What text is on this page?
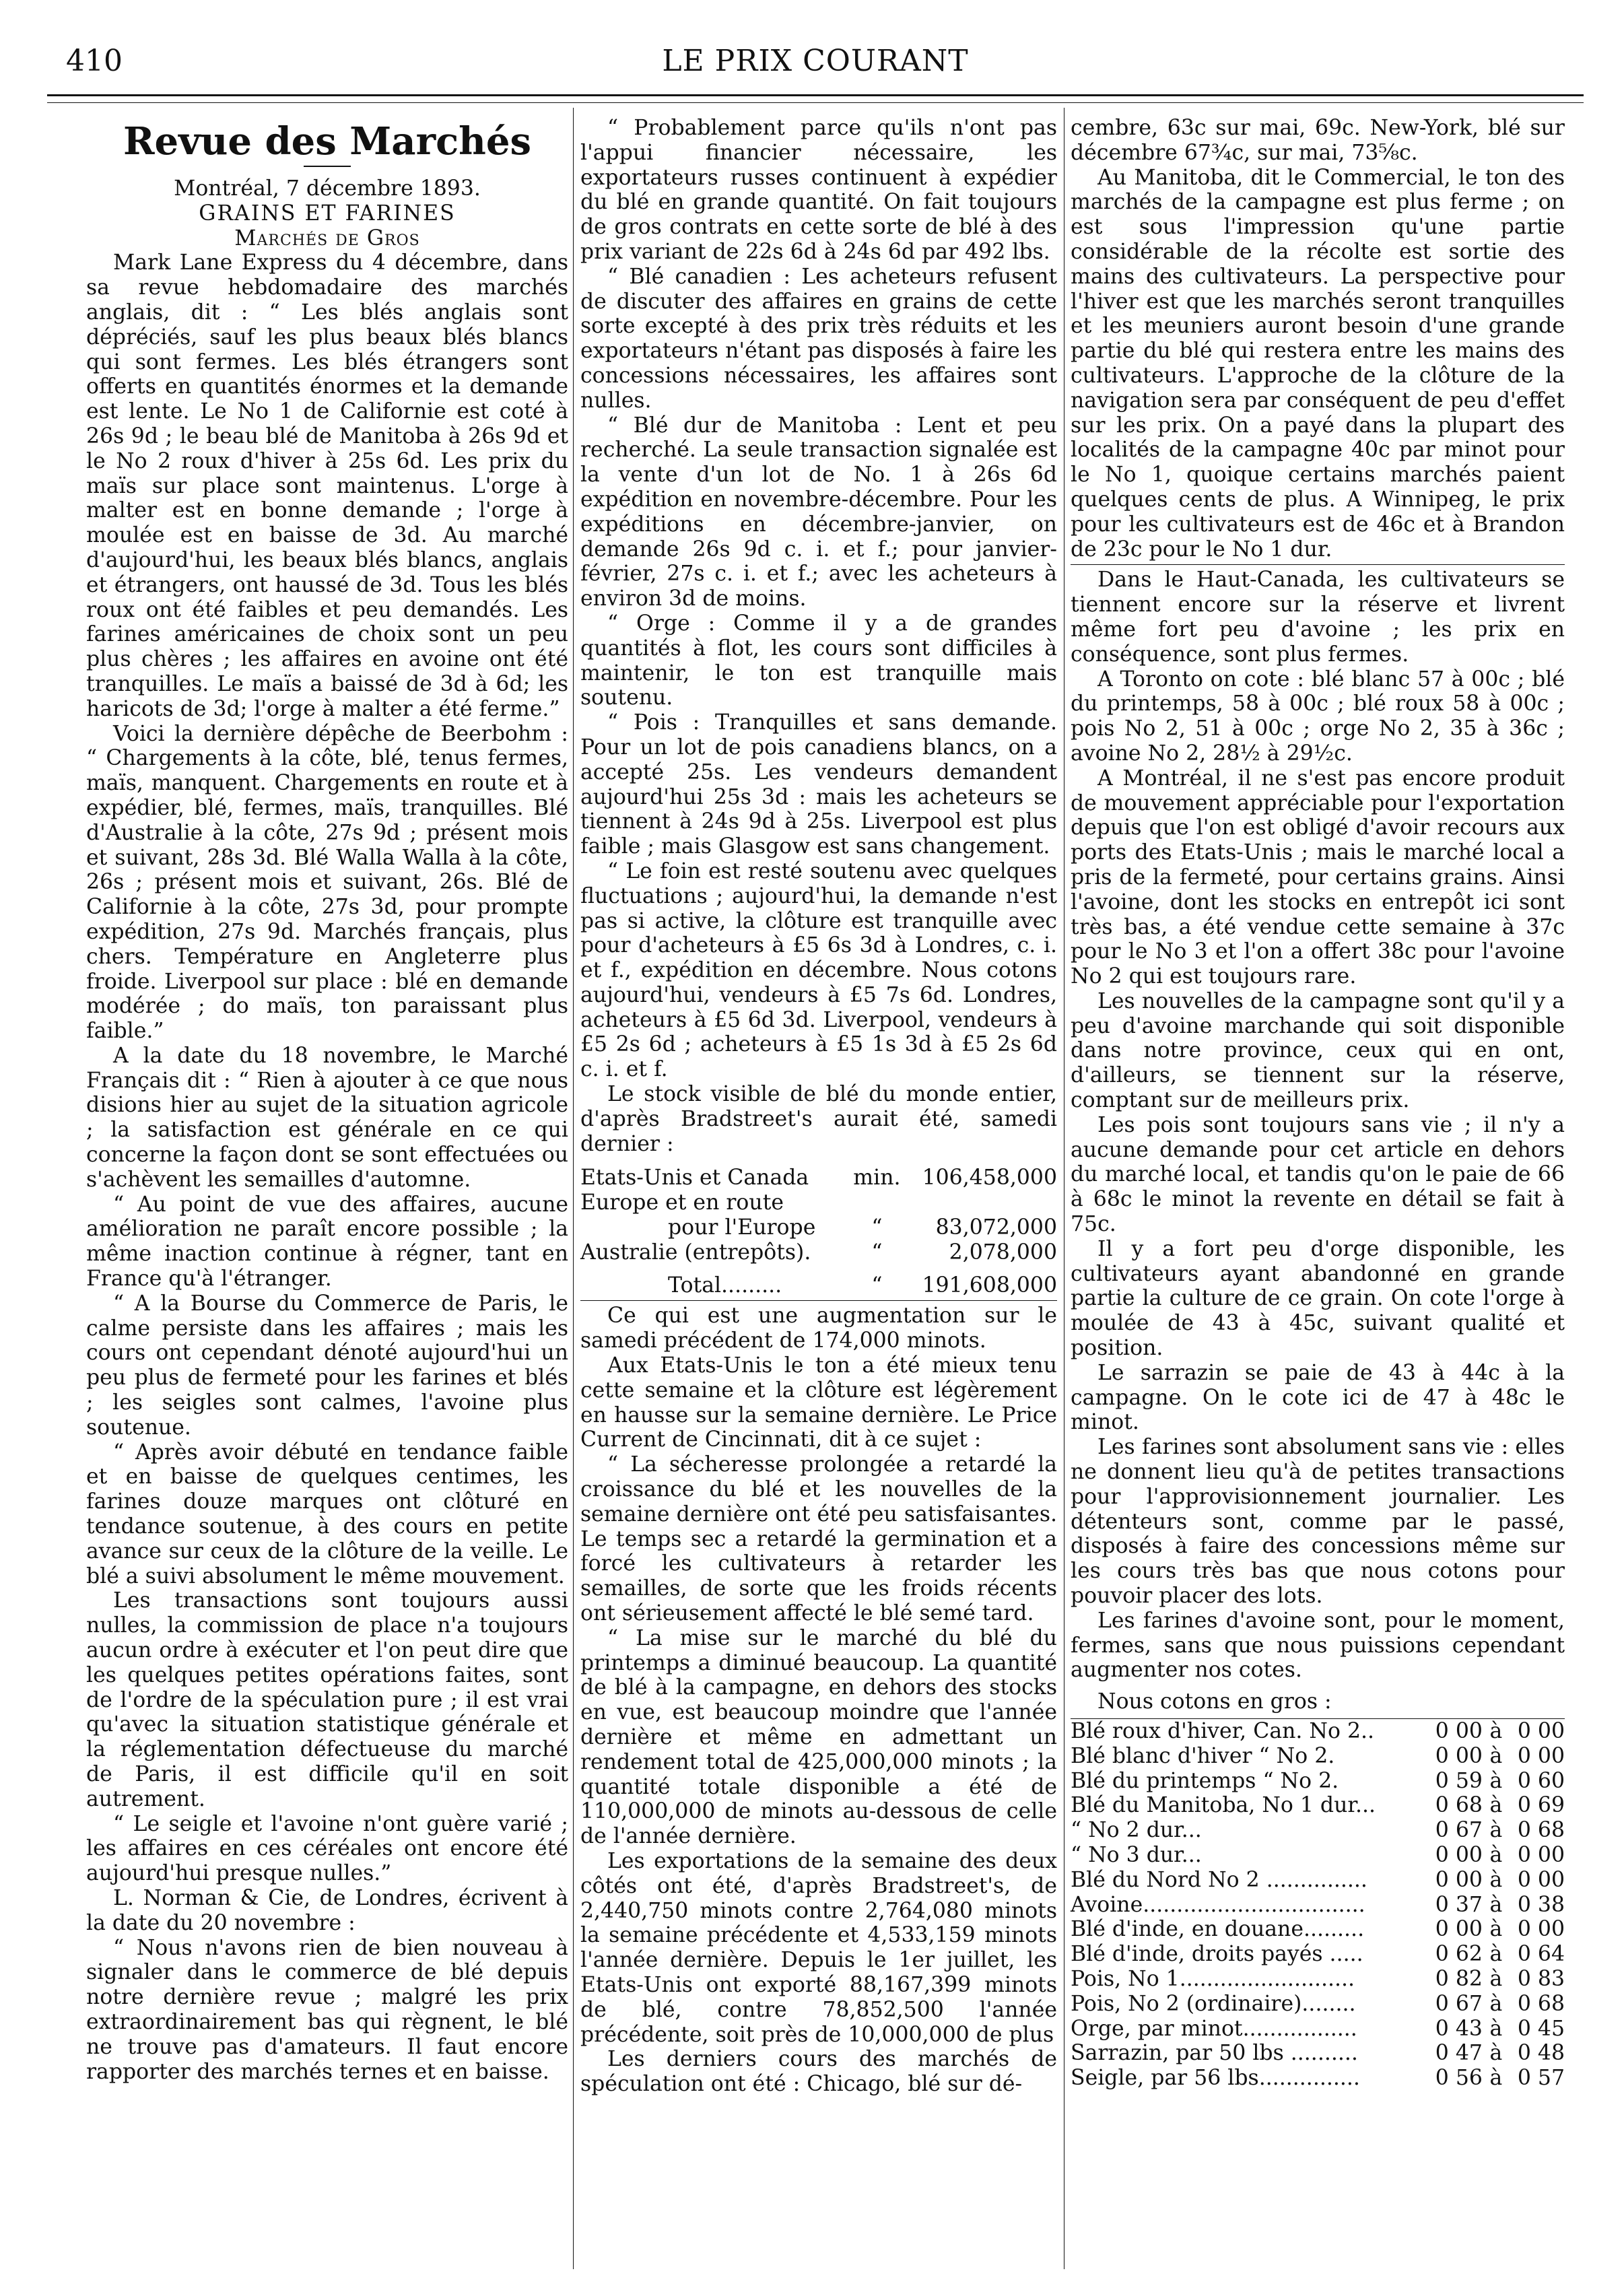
410	LE PRIX COURANT
Revue des Marchés

Montréal, 7 décembre 1893.

GRAINS ET FARINES

Marchés de Gros

Mark Lane Express du 4 décembre, dans sa revue hebdomadaire des marchés anglais, dit : “ Les blés anglais sont dépréciés, sauf les plus beaux blés blancs qui sont fermes. Les blés étrangers sont offerts en quantités énormes et la demande est lente. Le No 1 de Californie est coté à 26s 9d ; le beau blé de Manitoba à 26s 9d et le No 2 roux d'hiver à 25s 6d. Les prix du maïs sur place sont maintenus. L'orge à malter est en bonne demande ; l'orge à moulée est en baisse de 3d. Au marché d'aujourd'hui, les beaux blés blancs, anglais et étrangers, ont haussé de 3d. Tous les blés roux ont été faibles et peu demandés. Les farines américaines de choix sont un peu plus chères ; les affaires en avoine ont été tranquilles. Le maïs a baissé de 3d à 6d; les haricots de 3d; l'orge à malter a été ferme.”

Voici la dernière dépêche de Beerbohm : “ Chargements à la côte, blé, tenus fermes, maïs, manquent. Chargements en route et à expédier, blé, fermes, maïs, tranquilles. Blé d'Australie à la côte, 27s 9d ; présent mois et suivant, 28s 3d. Blé Walla Walla à la côte, 26s ; présent mois et suivant, 26s. Blé de Californie à la côte, 27s 3d, pour prompte expédition, 27s 9d. Marchés français, plus chers. Température en Angleterre plus froide. Liverpool sur place : blé en demande modérée ; do maïs, ton paraissant plus faible.”

A la date du 18 novembre, le Marché Français dit : “ Rien à ajouter à ce que nous disions hier au sujet de la situation agricole ; la satisfaction est générale en ce qui concerne la façon dont se sont effectuées ou s'achèvent les semailles d'automne.

“ Au point de vue des affaires, aucune amélioration ne paraît encore possible ; la même inaction continue à régner, tant en France qu'à l'étranger.

“ A la Bourse du Commerce de Paris, le calme persiste dans les affaires ; mais les cours ont cependant dénoté aujourd'hui un peu plus de fermeté pour les farines et blés ; les seigles sont calmes, l'avoine plus soutenue.

“ Après avoir débuté en tendance faible et en baisse de quelques centimes, les farines douze marques ont clôturé en tendance soutenue, à des cours en petite avance sur ceux de la clôture de la veille. Le blé a suivi absolument le même mouvement.

Les transactions sont toujours aussi nulles, la commission de place n'a toujours aucun ordre à exécuter et l'on peut dire que les quelques petites opérations faites, sont de l'ordre de la spéculation pure ; il est vrai qu'avec la situation statistique générale et la réglementation défectueuse du marché de Paris, il est difficile qu'il en soit autrement.

“ Le seigle et l'avoine n'ont guère varié ; les affaires en ces céréales ont encore été aujourd'hui presque nulles.”

L. Norman & Cie, de Londres, écrivent à la date du 20 novembre :

“ Nous n'avons rien de bien nouveau à signaler dans le commerce de blé depuis notre dernière revue ; malgré les prix extraordinairement bas qui règnent, le blé ne trouve pas d'amateurs. Il faut encore rapporter des marchés ternes et en baisse.

“ Probablement parce qu'ils n'ont pas l'appui financier nécessaire, les exportateurs russes continuent à expédier du blé en grande quantité. On fait toujours de gros contrats en cette sorte de blé à des prix variant de 22s 6d à 24s 6d par 492 lbs.

“ Blé canadien : Les acheteurs refusent de discuter des affaires en grains de cette sorte excepté à des prix très réduits et les exportateurs n'étant pas disposés à faire les concessions nécessaires, les affaires sont nulles.

“ Blé dur de Manitoba : Lent et peu recherché. La seule transaction signalée est la vente d'un lot de No. 1 à 26s 6d expédition en novembre-décembre. Pour les expéditions en décembre-janvier, on demande 26s 9d c. i. et f.; pour janvier-février, 27s c. i. et f.; avec les acheteurs à environ 3d de moins.

“ Orge : Comme il y a de grandes quantités à flot, les cours sont difficiles à maintenir, le ton est tranquille mais soutenu.

“ Pois : Tranquilles et sans demande. Pour un lot de pois canadiens blancs, on a accepté 25s. Les vendeurs demandent aujourd'hui 25s 3d : mais les acheteurs se tiennent à 24s 9d à 25s. Liverpool est plus faible ; mais Glasgow est sans changement.

“ Le foin est resté soutenu avec quelques fluctuations ; aujourd'hui, la demande n'est pas si active, la clôture est tranquille avec pour d'acheteurs à £5 6s 3d à Londres, c. i. et f., expédition en décembre. Nous cotons aujourd'hui, vendeurs à £5 7s 6d. Londres, acheteurs à £5 6d 3d. Liverpool, vendeurs à £5 2s 6d ; acheteurs à £5 1s 3d à £5 2s 6d c. i. et f.

Le stock visible de blé du monde entier, d'après Bradstreet's aurait été, samedi dernier :

Etats-Unis et Canada	min.	106,458,000
Europe et en route		
pour l'Europe	“	83,072,000
Australie (entrepôts).	“	2,078,000
Total.........	“	191,608,000

Ce qui est une augmentation sur le samedi précédent de 174,000 minots.

Aux Etats-Unis le ton a été mieux tenu cette semaine et la clôture est légèrement en hausse sur la semaine dernière. Le Price Current de Cincinnati, dit à ce sujet :

“ La sécheresse prolongée a retardé la croissance du blé et les nouvelles de la semaine dernière ont été peu satisfaisantes. Le temps sec a retardé la germination et a forcé les cultivateurs à retarder les semailles, de sorte que les froids récents ont sérieusement affecté le blé semé tard.

“ La mise sur le marché du blé du printemps a diminué beaucoup. La quantité de blé à la campagne, en dehors des stocks en vue, est beaucoup moindre que l'année dernière et même en admettant un rendement total de 425,000,000 minots ; la quantité totale disponible a été de 110,000,000 de minots au-dessous de celle de l'année dernière.

Les exportations de la semaine des deux côtés ont été, d'après Bradstreet's, de 2,440,750 minots contre 2,764,080 minots la semaine précédente et 4,533,159 minots l'année dernière. Depuis le 1er juillet, les Etats-Unis ont exporté 88,167,399 minots de blé, contre 78,852,500 l'année précédente, soit près de 10,000,000 de plus

Les derniers cours des marchés de spéculation ont été : Chicago, blé sur dé-

cembre, 63c sur mai, 69c. New-York, blé sur décembre 67¾c, sur mai, 73⅝c.

Au Manitoba, dit le Commercial, le ton des marchés de la campagne est plus ferme ; on est sous l'impression qu'une partie considérable de la récolte est sortie des mains des cultivateurs. La perspective pour l'hiver est que les marchés seront tranquilles et les meuniers auront besoin d'une grande partie du blé qui restera entre les mains des cultivateurs. L'approche de la clôture de la navigation sera par conséquent de peu d'effet sur les prix. On a payé dans la plupart des localités de la campagne 40c par minot pour le No 1, quoique certains marchés paient quelques cents de plus. A Winnipeg, le prix pour les cultivateurs est de 46c et à Brandon de 23c pour le No 1 dur.

Dans le Haut-Canada, les cultivateurs se tiennent encore sur la réserve et livrent même fort peu d'avoine ; les prix en conséquence, sont plus fermes.

A Toronto on cote : blé blanc 57 à 00c ; blé du printemps, 58 à 00c ; blé roux 58 à 00c ; pois No 2, 51 à 00c ; orge No 2, 35 à 36c ; avoine No 2, 28½ à 29½c.

A Montréal, il ne s'est pas encore produit de mouvement appréciable pour l'exportation depuis que l'on est obligé d'avoir recours aux ports des Etats-Unis ; mais le marché local a pris de la fermeté, pour certains grains. Ainsi l'avoine, dont les stocks en entrepôt ici sont très bas, a été vendue cette semaine à 37c pour le No 3 et l'on a offert 38c pour l'avoine No 2 qui est toujours rare.

Les nouvelles de la campagne sont qu'il y a peu d'avoine marchande qui soit disponible dans notre province, ceux qui en ont, d'ailleurs, se tiennent sur la réserve, comptant sur de meilleurs prix.

Les pois sont toujours sans vie ; il n'y a aucune demande pour cet article en dehors du marché local, et tandis qu'on le paie de 66 à 68c le minot la revente en détail se fait à 75c.

Il y a fort peu d'orge disponible, les cultivateurs ayant abandonné en grande partie la culture de ce grain. On cote l'orge à moulée de 43 à 45c, suivant qualité et position.

Le sarrazin se paie de 43 à 44c à la campagne. On le cote ici de 47 à 48c le minot.

Les farines sont absolument sans vie : elles ne donnent lieu qu'à de petites transactions pour l'approvisionnement journalier. Les détenteurs sont, comme par le passé, disposés à faire des concessions même sur les cours très bas que nous cotons pour pouvoir placer des lots.

Les farines d'avoine sont, pour le moment, fermes, sans que nous puissions cependant augmenter nos cotes.

Nous cotons en gros :

Blé roux d'hiver, Can. No 2..	0 00	à	0 00
Blé blanc d'hiver “ No 2.	0 00	à	0 00
Blé du printemps “ No 2.	0 59	à	0 60
Blé du Manitoba, No 1 dur...	0 68	à	0 69
“ No 2 dur...	0 67	à	0 68
“ No 3 dur...	0 00	à	0 00
Blé du Nord No 2 ...............	0 00	à	0 00
Avoine.................................	0 37	à	0 38
Blé d'inde, en douane.........	0 00	à	0 00
Blé d'inde, droits payés .....	0 62	à	0 64
Pois, No 1..........................	0 82	à	0 83
Pois, No 2 (ordinaire)........	0 67	à	0 68
Orge, par minot.................	0 43	à	0 45
Sarrazin, par 50 lbs ..........	0 47	à	0 48
Seigle, par 56 lbs...............	0 56	à	0 57
